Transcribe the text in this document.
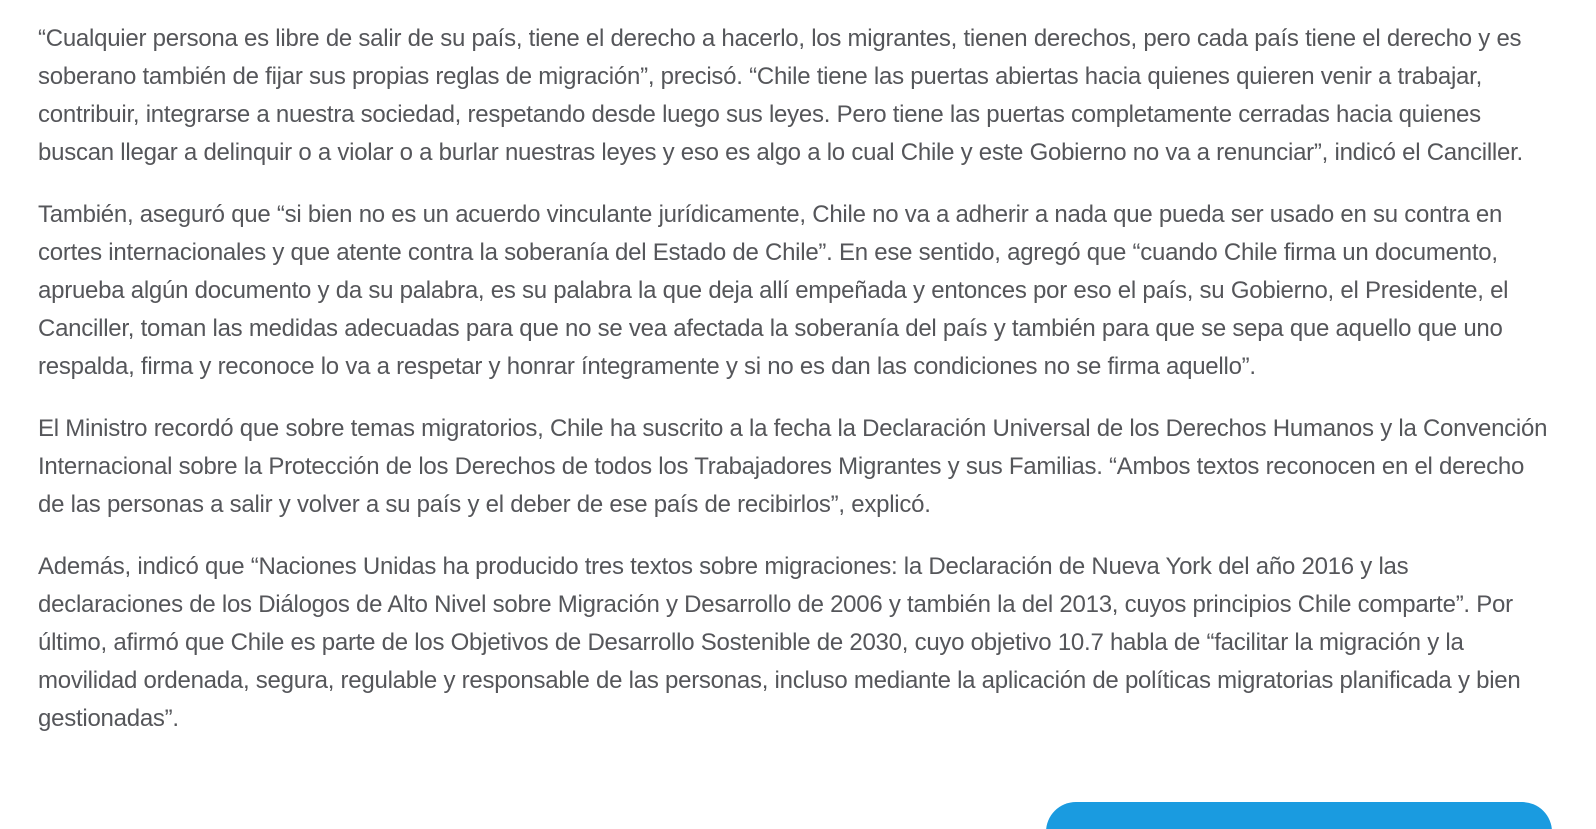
“Cualquier persona es libre de salir de su país, tiene el derecho a hacerlo, los migrantes, tienen derechos, pero cada país tiene el derecho y es soberano también de fijar sus propias reglas de migración”, precisó. “Chile tiene las puertas abiertas hacia quienes quieren venir a trabajar, contribuir, integrarse a nuestra sociedad, respetando desde luego sus leyes. Pero tiene las puertas completamente cerradas hacia quienes buscan llegar a delinquir o a violar o a burlar nuestras leyes y eso es algo a lo cual Chile y este Gobierno no va a renunciar”, indicó el Canciller.

También, aseguró que “si bien no es un acuerdo vinculante jurídicamente, Chile no va a adherir a nada que pueda ser usado en su contra en cortes internacionales y que atente contra la soberanía del Estado de Chile”. En ese sentido, agregó que “cuando Chile firma un documento, aprueba algún documento y da su palabra, es su palabra la que deja allí empeñada y entonces por eso el país, su Gobierno, el Presidente, el Canciller, toman las medidas adecuadas para que no se vea afectada la soberanía del país y también para que se sepa que aquello que uno respalda, firma y reconoce lo va a respetar y honrar íntegramente y si no es dan las condiciones no se firma aquello”.

El Ministro recordó que sobre temas migratorios, Chile ha suscrito a la fecha la Declaración Universal de los Derechos Humanos y la Convención Internacional sobre la Protección de los Derechos de todos los Trabajadores Migrantes y sus Familias. “Ambos textos reconocen en el derecho de las personas a salir y volver a su país y el deber de ese país de recibirlos”, explicó.

Además, indicó que “Naciones Unidas ha producido tres textos sobre migraciones: la Declaración de Nueva York del año 2016 y las declaraciones de los Diálogos de Alto Nivel sobre Migración y Desarrollo de 2006 y también la del 2013, cuyos principios Chile comparte”. Por último, afirmó que Chile es parte de los Objetivos de Desarrollo Sostenible de 2030, cuyo objetivo 10.7 habla de “facilitar la migración y la movilidad ordenada, segura, regulable y responsable de las personas, incluso mediante la aplicación de políticas migratorias planificada y bien gestionadas”.
